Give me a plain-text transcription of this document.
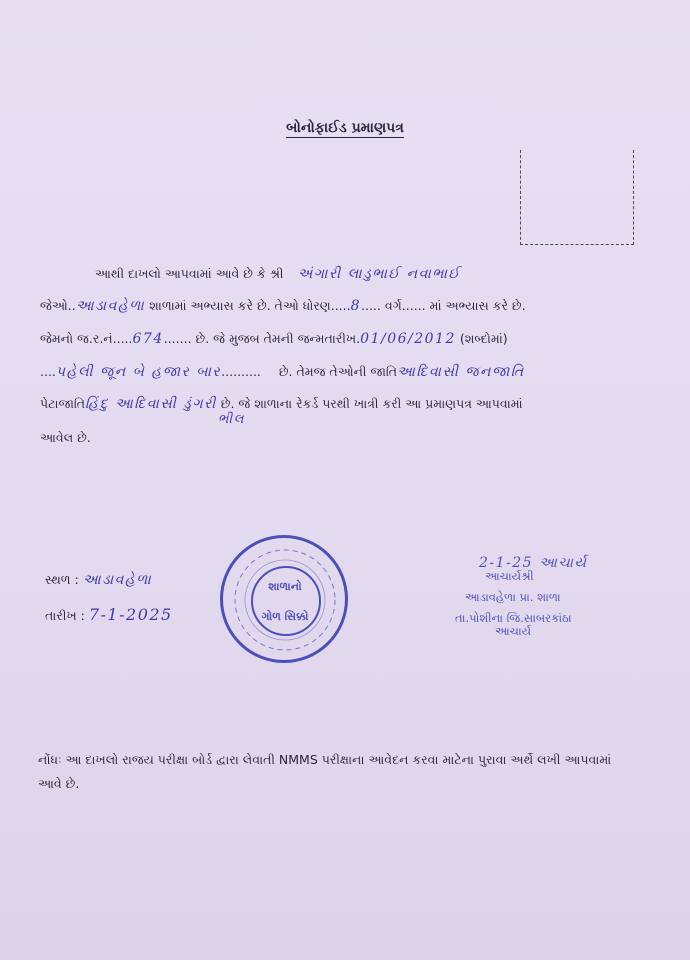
બોનોફાઈડ પ્રમાણપત્ર
આથી દાખલો આપવામાં આવે છે કે શ્રી અંગારી લાડુભાઈ નવાભાઈ
જેઓ..આડાવહેળા શાળામાં અભ્યાસ કરે છે. તેઓ ધોરણ.....8..... વર્ગ...... માં અભ્યાસ કરે છે.
જેમનો જ.ર.નં.....674....... છે. જે મુજબ તેમની જન્મતારીખ.01/06/2012 (શબ્દોમાં)
....પહેલી જૂન બે હજાર બાર.......... છે. તેમજ તેઓની જાતિઆદિવાસી જનજાતિ
પેટાજાતિહિંદુ આદિવાસી ડુંગરી છે. જે શાળાના રેકર્ડ પરથી ખાત્રી કરી આ પ્રમાણપત્ર આપવામાં
ભીલ
આવેલ છે.
સ્થળ : આડાવહેળા
તારીખ : 7-1-2025
શાળાનો
ગોળ સિક્કો
2-1-25 આચાર્ય
આચાર્યશ્રી
આડાવહેળા પ્રા. શાળા
તા.પોશીના જિ.સાબરકાંઠા
આચાર્ય
નોંધઃ આ દાખલો રાજય પરીક્ષા બોર્ડ દ્વારા લેવાતી NMMS પરીક્ષાના આવેદન કરવા માટેના પુરાવા અર્થે લખી આપવામાં આવે છે.
